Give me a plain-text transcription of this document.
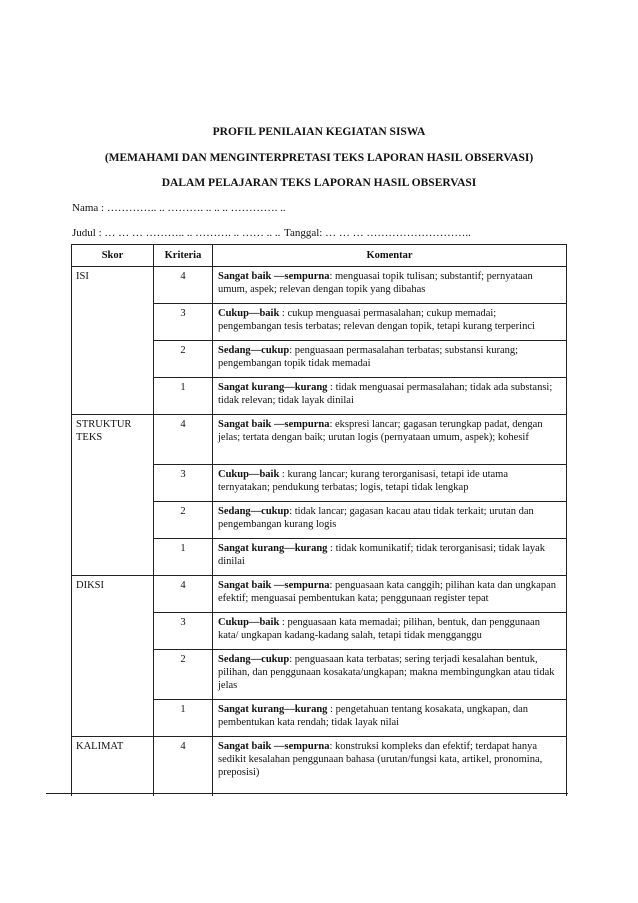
PROFIL PENILAIAN KEGIATAN SISWA
(MEMAHAMI DAN MENGINTERPRETASI TEKS LAPORAN HASIL OBSERVASI)
DALAM PELAJARAN TEKS LAPORAN HASIL OBSERVASI
Nama : ………….. .. ………. .. .. .. …………. ..
Judul : … … … ……….. .. ………. .. …… .. .. Tanggal: … … … ………………………..
Skor	Kriteria	Komentar
ISI	4	Sangat baik —sempurna: menguasai topik tulisan; substantif; pernyataan umum, aspek; relevan dengan topik yang dibahas
	3	Cukup—baik : cukup menguasai permasalahan; cukup memadai; pengembangan tesis terbatas; relevan dengan topik, tetapi kurang terperinci
	2	Sedang—cukup: penguasaan permasalahan terbatas; substansi kurang; pengembangan topik tidak memadai
	1	Sangat kurang—kurang : tidak menguasai permasalahan; tidak ada substansi; tidak relevan; tidak layak dinilai
STRUKTUR TEKS	4	Sangat baik —sempurna: ekspresi lancar; gagasan terungkap padat, dengan jelas; tertata dengan baik; urutan logis (pernyataan umum, aspek); kohesif
	3	Cukup—baik : kurang lancar; kurang terorganisasi, tetapi ide utama ternyatakan; pendukung terbatas; logis, tetapi tidak lengkap
	2	Sedang—cukup: tidak lancar; gagasan kacau atau tidak terkait; urutan dan pengembangan kurang logis
	1	Sangat kurang—kurang : tidak komunikatif; tidak terorganisasi; tidak layak dinilai
DIKSI	4	Sangat baik —sempurna: penguasaan kata canggih; pilihan kata dan ungkapan efektif; menguasai pembentukan kata; penggunaan register tepat
	3	Cukup—baik : penguasaan kata memadai; pilihan, bentuk, dan penggunaan kata/ ungkapan kadang-kadang salah, tetapi tidak mengganggu
	2	Sedang—cukup: penguasaan kata terbatas; sering terjadi kesalahan bentuk, pilihan, dan penggunaan kosakata/ungkapan; makna membingungkan atau tidak jelas
	1	Sangat kurang—kurang : pengetahuan tentang kosakata, ungkapan, dan pembentukan kata rendah; tidak layak nilai
KALIMAT	4	Sangat baik —sempurna: konstruksi kompleks dan efektif; terdapat hanya sedikit kesalahan penggunaan bahasa (urutan/fungsi kata, artikel, pronomina, preposisi)
